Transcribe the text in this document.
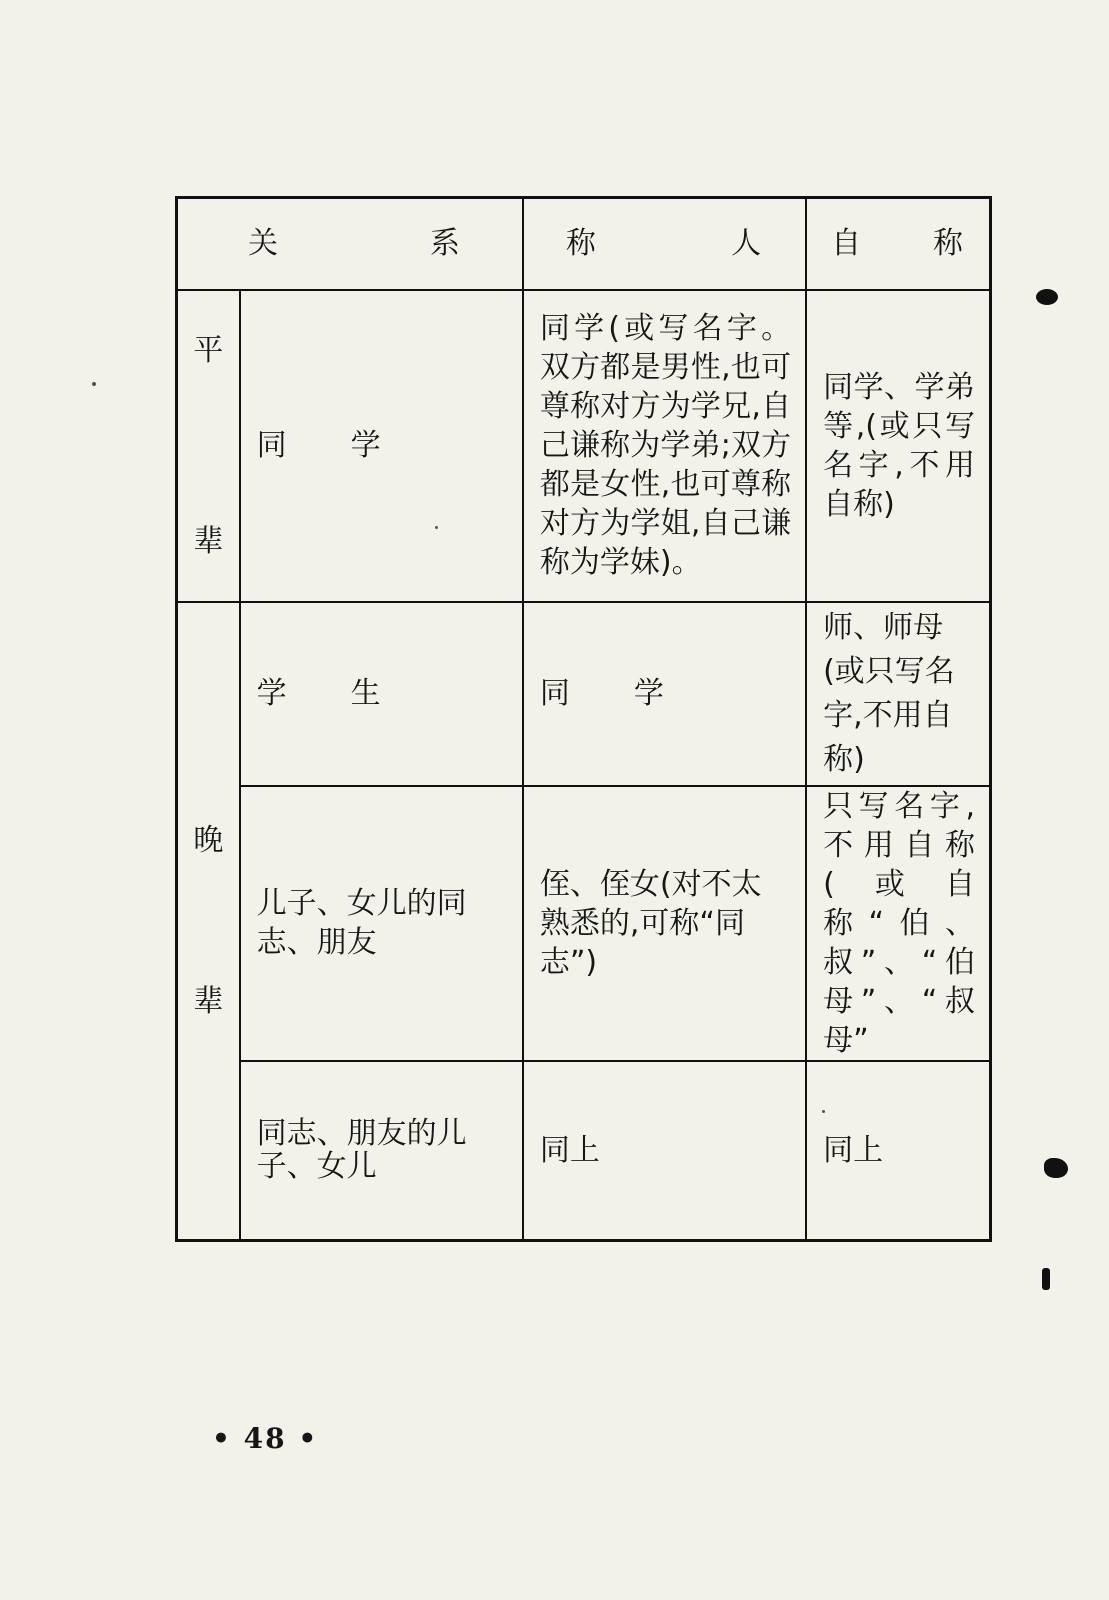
关 系		称 人	自 称

平
辈	同 学	同学(或写名字。双方都是男性,也可尊称对方为学兄,自己谦称为学弟;双方都是女性,也可尊称对方为学姐,自己谦称为学妹)。	同学、学弟等,(或只写名字,不用自称)

晚
辈	学 生	同 学	师、师母(或只写名字,不用自称)
	儿子、女儿的同志、朋友	侄、侄女(对不太熟悉的,可称“同志”)	只写名字,不用自称(或自称“伯、叔”、“伯母”、“叔母”
	同志、朋友的儿子、女儿	同上	同上
• 48 •
